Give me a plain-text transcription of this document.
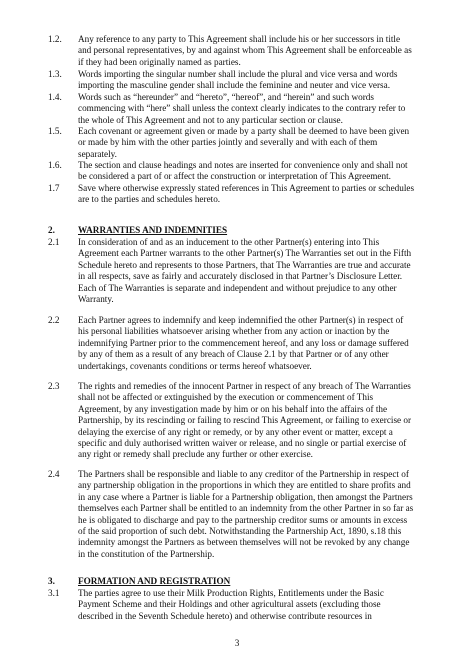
1.2.	Any reference to any party to This Agreement shall include his or her successors in title
and personal representatives, by and against whom This Agreement shall be enforceable as
if they had been originally named as parties.
1.3.	Words importing the singular number shall include the plural and vice versa and words
importing the masculine gender shall include the feminine and neuter and vice versa.
1.4.	Words such as “hereunder” and “hereto”, “hereof”, and “herein” and such words
commencing with “here” shall unless the context clearly indicates to the contrary refer to
the whole of This Agreement and not to any particular section or clause.
1.5.	Each covenant or agreement given or made by a party shall be deemed to have been given
or made by him with the other parties jointly and severally and with each of them
separately.
1.6.	The section and clause headings and notes are inserted for convenience only and shall not
be considered a part of or affect the construction or interpretation of This Agreement.
1.7	Save where otherwise expressly stated references in This Agreement to parties or schedules
are to the parties and schedules hereto.
2.	WARRANTIES AND INDEMNITIES
2.1	In consideration of and as an inducement to the other Partner(s) entering into This
Agreement each Partner warrants to the other Partner(s) The Warranties set out in the Fifth
Schedule hereto and represents to those Partners, that The Warranties are true and accurate
in all respects, save as fairly and accurately disclosed in that Partner’s Disclosure Letter.
Each of The Warranties is separate and independent and without prejudice to any other
Warranty.
2.2	Each Partner agrees to indemnify and keep indemnified the other Partner(s) in respect of
his personal liabilities whatsoever arising whether from any action or inaction by the
indemnifying Partner prior to the commencement hereof, and any loss or damage suffered
by any of them as a result of any breach of Clause 2.1 by that Partner or of any other
undertakings, covenants conditions or terms hereof whatsoever.
2.3	The rights and remedies of the innocent Partner in respect of any breach of The Warranties
shall not be affected or extinguished by the execution or commencement of This
Agreement, by any investigation made by him or on his behalf into the affairs of the
Partnership, by its rescinding or failing to rescind This Agreement, or failing to exercise or
delaying the exercise of any right or remedy, or by any other event or matter, except a
specific and duly authorised written waiver or release, and no single or partial exercise of
any right or remedy shall preclude any further or other exercise.
2.4	The Partners shall be responsible and liable to any creditor of the Partnership in respect of
any partnership obligation in the proportions in which they are entitled to share profits and
in any case where a Partner is liable for a Partnership obligation, then amongst the Partners
themselves each Partner shall be entitled to an indemnity from the other Partner in so far as
he is obligated to discharge and pay to the partnership creditor sums or amounts in excess
of the said proportion of such debt. Notwithstanding the Partnership Act, 1890, s.18 this
indemnity amongst the Partners as between themselves will not be revoked by any change
in the constitution of the Partnership.
3.	FORMATION AND REGISTRATION
3.1	The parties agree to use their Milk Production Rights, Entitlements under the Basic
Payment Scheme and their Holdings and other agricultural assets (excluding those
described in the Seventh Schedule hereto) and otherwise contribute resources in
3
